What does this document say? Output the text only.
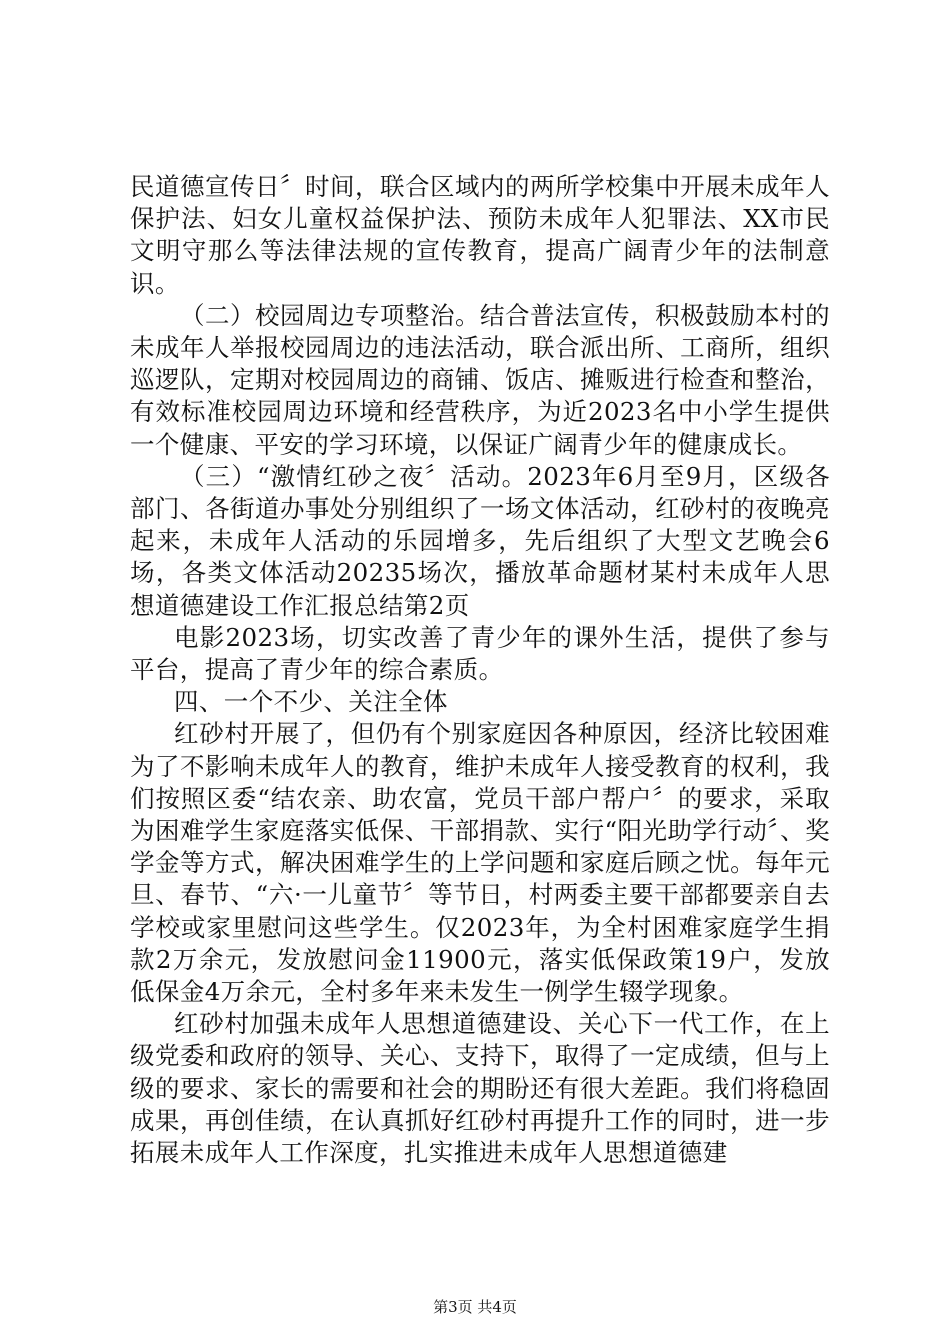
民道德宣传日〞时间，联合区域内的两所学校集中开展未成年人保护法、妇女儿童权益保护法、预防未成年人犯罪法、XX市民文明守那么等法律法规的宣传教育，提高广阔青少年的法制意识。

（二）校园周边专项整治。结合普法宣传，积极鼓励本村的未成年人举报校园周边的违法活动，联合派出所、工商所，组织巡逻队，定期对校园周边的商铺、饭店、摊贩进行检查和整治，有效标准校园周边环境和经营秩序，为近2023名中小学生提供一个健康、平安的学习环境，以保证广阔青少年的健康成长。

（三）“激情红砂之夜〞活动。2023年6月至9月，区级各部门、各街道办事处分别组织了一场文体活动，红砂村的夜晚亮起来，未成年人活动的乐园增多，先后组织了大型文艺晚会6场，各类文体活动20235场次，播放革命题材某村未成年人思想道德建设工作汇报总结第2页

电影2023场，切实改善了青少年的课外生活，提供了参与平台，提高了青少年的综合素质。

四、一个不少、关注全体

红砂村开展了，但仍有个别家庭因各种原因，经济比较困难为了不影响未成年人的教育，维护未成年人接受教育的权利，我们按照区委“结农亲、助农富，党员干部户帮户〞的要求，采取为困难学生家庭落实低保、干部捐款、实行“阳光助学行动〞、奖学金等方式，解决困难学生的上学问题和家庭后顾之忧。每年元旦、春节、“六·一儿童节〞等节日，村两委主要干部都要亲自去学校或家里慰问这些学生。仅2023年，为全村困难家庭学生捐款2万余元，发放慰问金11900元，落实低保政策19户，发放低保金4万余元，全村多年来未发生一例学生辍学现象。

红砂村加强未成年人思想道德建设、关心下一代工作，在上级党委和政府的领导、关心、支持下，取得了一定成绩，但与上级的要求、家长的需要和社会的期盼还有很大差距。我们将稳固成果，再创佳绩，在认真抓好红砂村再提升工作的同时，进一步拓展未成年人工作深度，扎实推进未成年人思想道德建

第3页 共4页
